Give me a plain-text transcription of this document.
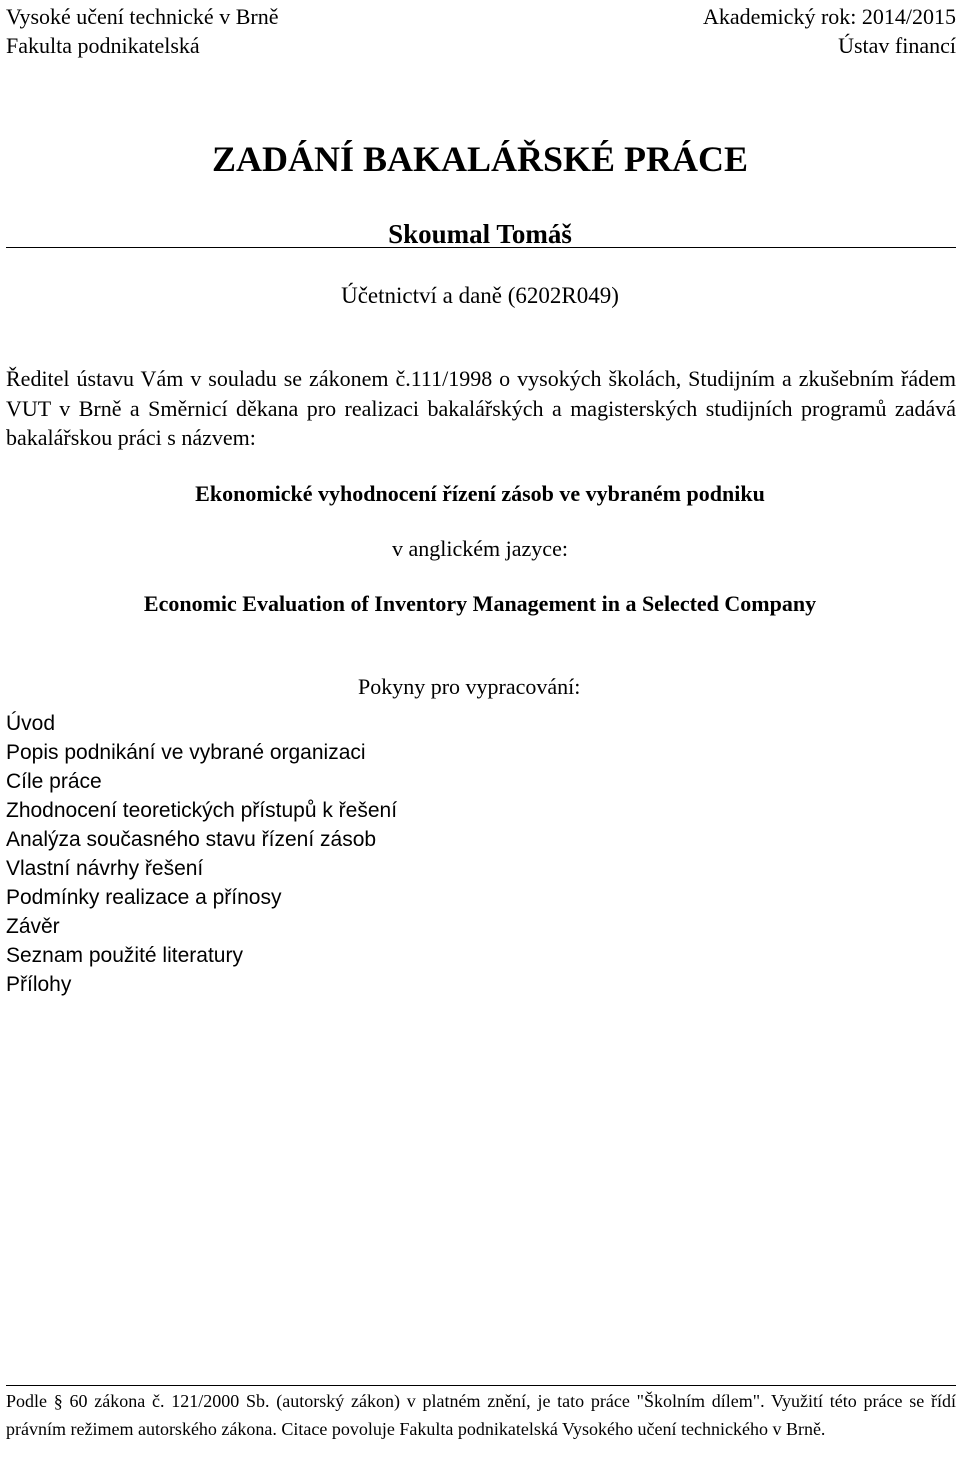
Vysoké učení technické v Brně
Fakulta podnikatelská
Akademický rok: 2014/2015
Ústav financí
ZADÁNÍ BAKALÁŘSKÉ PRÁCE
Skoumal Tomáš
Účetnictví a daně (6202R049)
Ředitel ústavu Vám v souladu se zákonem č.111/1998 o vysokých školách, Studijním a zkušebním řádem VUT v Brně a Směrnicí děkana pro realizaci bakalářských a magisterských studijních programů zadává bakalářskou práci s názvem:
Ekonomické vyhodnocení řízení zásob ve vybraném podniku
v anglickém jazyce:
Economic Evaluation of Inventory Management in a Selected Company
Pokyny pro vypracování:
Úvod
Popis podnikání ve vybrané organizaci
Cíle práce
Zhodnocení teoretických přístupů k řešení
Analýza současného stavu řízení zásob
Vlastní návrhy řešení
Podmínky realizace a přínosy
Závěr
Seznam použité literatury
Přílohy
Podle § 60 zákona č. 121/2000 Sb. (autorský zákon) v platném znění, je tato práce "Školním dílem". Využití této práce se řídí právním režimem autorského zákona. Citace povoluje Fakulta podnikatelská Vysokého učení technického v Brně.
